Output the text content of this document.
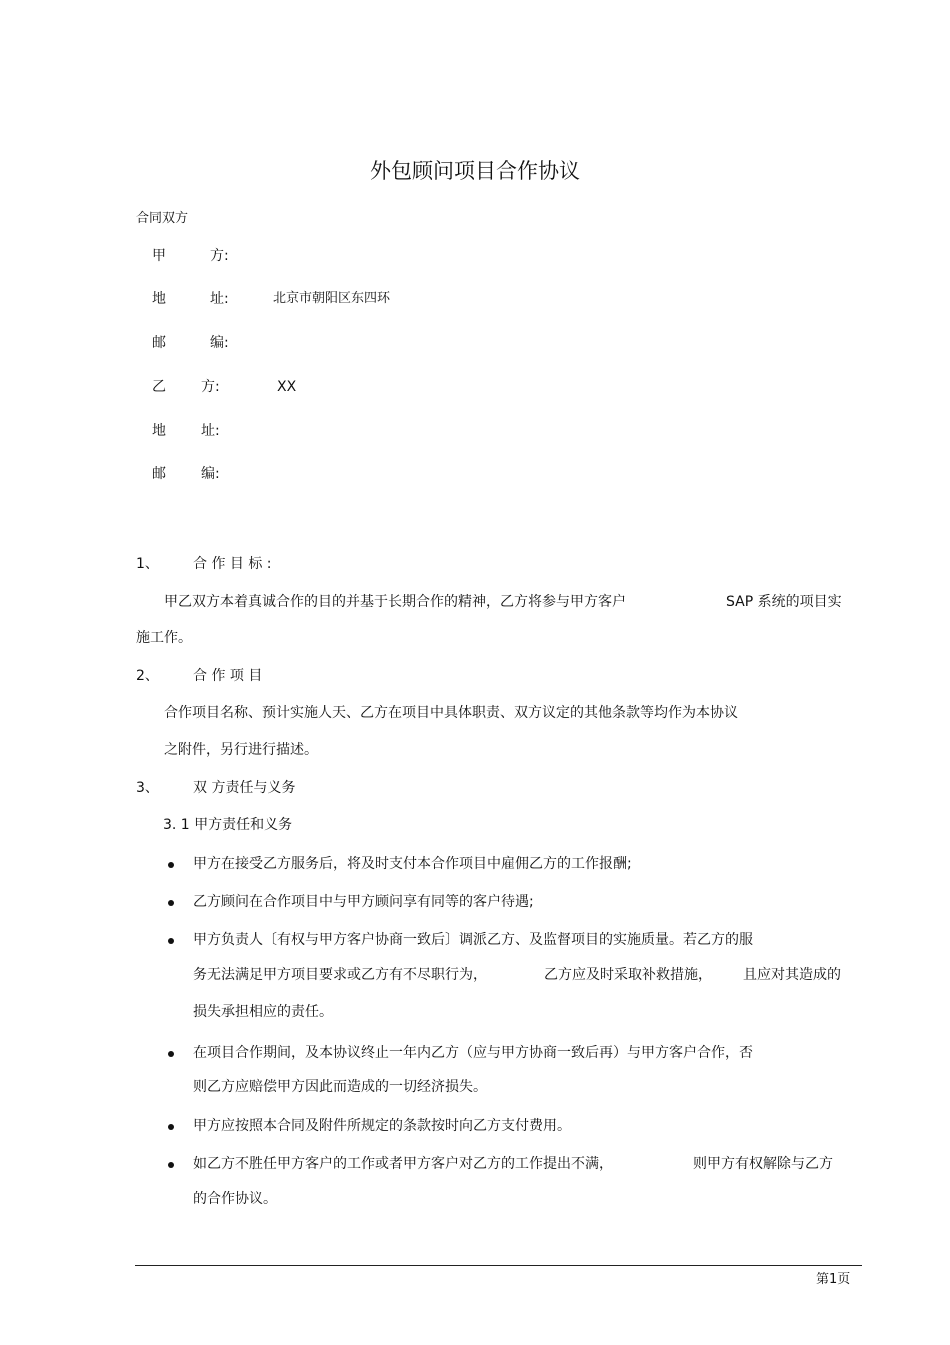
外包顾问项目合作协议
合同双方
甲	方:
地	址:	北京市朝阳区东四环
邮	编:
乙	方:	XX
地	址:
邮	编:
1、 合 作 目 标 :
甲乙双方本着真诚合作的目的并基于长期合作的精神，乙方将参与甲方客户	SAP 系统的项目实
施工作。
2、 合 作 项 目
合作项目名称、预计实施人天、乙方在项目中具体职责、双方议定的其他条款等均作为本协议
之附件，另行进行描述。
3、 双 方责任与义务
3. 1 甲方责任和义务
甲方在接受乙方服务后，将及时支付本合作项目中雇佣乙方的工作报酬;
乙方顾问在合作项目中与甲方顾问享有同等的客户待遇;
甲方负责人〔有权与甲方客户协商一致后〕调派乙方、及监督项目的实施质量。若乙方的服
务无法满足甲方项目要求或乙方有不尽职行为，	乙方应及时采取补救措施， 且应对其造成的
损失承担相应的责任。
在项目合作期间，及本协议终止一年内乙方（应与甲方协商一致后再）与甲方客户合作，否
则乙方应赔偿甲方因此而造成的一切经济损失。
甲方应按照本合同及附件所规定的条款按时向乙方支付费用。
如乙方不胜任甲方客户的工作或者甲方客户对乙方的工作提出不满，	则甲方有权解除与乙方
的合作协议。
第1页
